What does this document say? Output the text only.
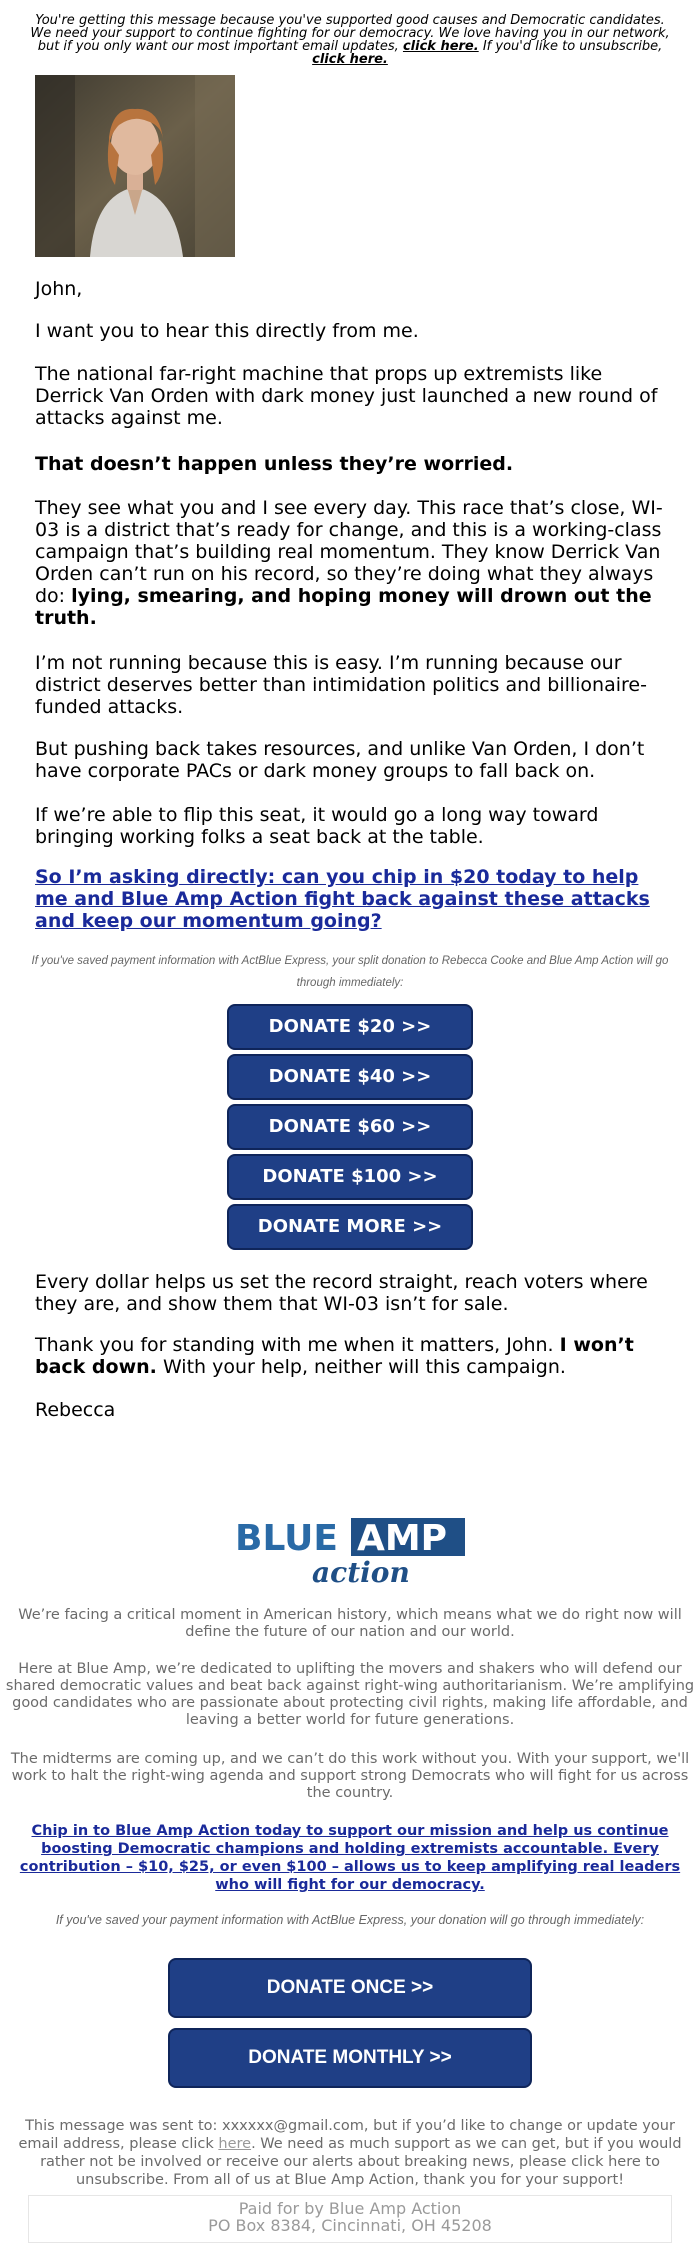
You're getting this message because you've supported good causes and Democratic candidates. We need your support to continue fighting for our democracy. We love having you in our network, but if you only want our most important email updates, click here. If you'd like to unsubscribe, click here.

John,

I want you to hear this directly from me.

The national far-right machine that props up extremists like Derrick Van Orden with dark money just launched a new round of attacks against me.

That doesn’t happen unless they’re worried.

They see what you and I see every day. This race that’s close, WI-03 is a district that’s ready for change, and this is a working-class campaign that’s building real momentum. They know Derrick Van Orden can’t run on his record, so they’re doing what they always do: lying, smearing, and hoping money will drown out the truth.

I’m not running because this is easy. I’m running because our district deserves better than intimidation politics and billionaire-funded attacks.

But pushing back takes resources, and unlike Van Orden, I don’t have corporate PACs or dark money groups to fall back on.

If we’re able to flip this seat, it would go a long way toward bringing working folks a seat back at the table.

So I’m asking directly: can you chip in $20 today to help me and Blue Amp Action fight back against these attacks and keep our momentum going?

If you've saved payment information with ActBlue Express, your split donation to Rebecca Cooke and Blue Amp Action will go through immediately:

DONATE $20 >>
DONATE $40 >>
DONATE $60 >>
DONATE $100 >>
DONATE MORE >>

Every dollar helps us set the record straight, reach voters where they are, and show them that WI-03 isn’t for sale.

Thank you for standing with me when it matters, John. I won’t back down. With your help, neither will this campaign.

Rebecca

BLUE AMP
action

We’re facing a critical moment in American history, which means what we do right now will define the future of our nation and our world.

Here at Blue Amp, we’re dedicated to uplifting the movers and shakers who will defend our shared democratic values and beat back against right-wing authoritarianism. We’re amplifying good candidates who are passionate about protecting civil rights, making life affordable, and leaving a better world for future generations.

The midterms are coming up, and we can’t do this work without you. With your support, we'll work to halt the right-wing agenda and support strong Democrats who will fight for us across the country.

Chip in to Blue Amp Action today to support our mission and help us continue boosting Democratic champions and holding extremists accountable. Every contribution – $10, $25, or even $100 – allows us to keep amplifying real leaders who will fight for our democracy.

If you've saved your payment information with ActBlue Express, your donation will go through immediately:

DONATE ONCE >>
DONATE MONTHLY >>

This message was sent to: xxxxxx@gmail.com, but if you’d like to change or update your email address, please click here. We need as much support as we can get, but if you would rather not be involved or receive our alerts about breaking news, please click here to unsubscribe. From all of us at Blue Amp Action, thank you for your support!

Paid for by Blue Amp Action
PO Box 8384, Cincinnati, OH 45208
